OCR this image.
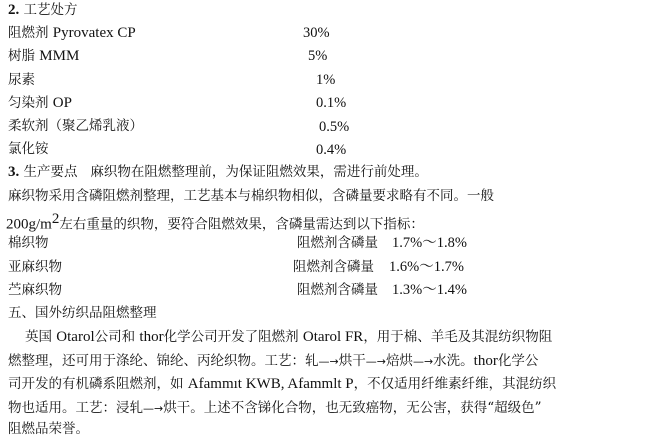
2. 工艺处方
阻燃剂 Pyrovatex CP	30%
树脂 MMM	5%
尿素	1%
匀染剂 OP	0.1%
柔软剂（聚乙烯乳液）	0.5%
氯化铵	0.4%
3. 生产要点 麻织物在阻燃整理前，为保证阻燃效果，需进行前处理。
麻织物采用含磷阻燃剂整理，工艺基本与棉织物相似，含磷量要求略有不同。一般
$200g/m^2$左右重量的织物，要符合阻燃效果，含磷量需达到以下指标：
棉织物	阻燃剂含磷量 1.7%～1.8%
亚麻织物	阻燃剂含磷量 1.6%～1.7%
苎麻织物	阻燃剂含磷量 1.3%～1.4%
五、国外纺织品阻燃整理
英国 Otarol公司和 thor化学公司开发了阻燃剂 Otarol FR，用于棉、羊毛及其混纺织物阻
燃整理，还可用于涤纶、锦纶、丙纶织物。工艺：轧—→烘干—→焙烘—→水洗。thor化学公
司开发的有机磷系阻燃剂，如 Afammıt KWB, Afammlt P，不仅适用纤维素纤维，其混纺织
物也适用。工艺：浸轧—→烘干。上述不含锑化合物，也无致癌物，无公害，获得“超级色”
阻燃品荣誉。
